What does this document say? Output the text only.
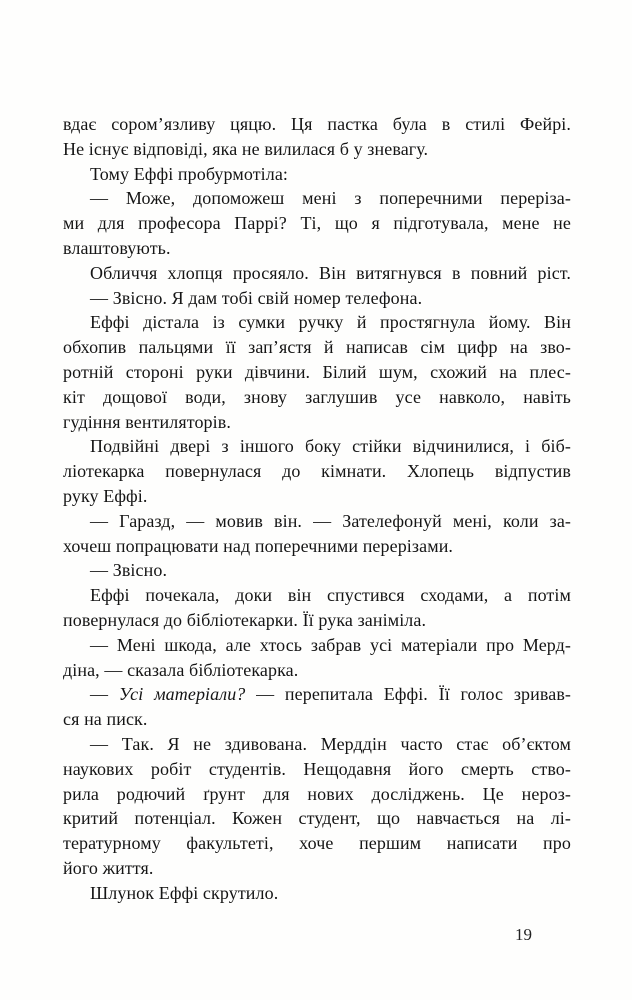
вдає сором’язливу цяцю. Ця пастка була в стилі Фейрі.
Не існує відповіді, яка не вилилася б у зневагу.
Тому Еффі пробурмотіла:
— Може, допоможеш мені з поперечними переріза-
ми для професора Паррі? Ті, що я підготувала, мене не
влаштовують.
Обличчя хлопця просяяло. Він витягнувся в повний ріст.
— Звісно. Я дам тобі свій номер телефона.
Еффі дістала із сумки ручку й простягнула йому. Він
обхопив пальцями її зап’ястя й написав сім цифр на зво-
ротній стороні руки дівчини. Білий шум, схожий на плес-
кіт дощової води, знову заглушив усе навколо, навіть
гудіння вентиляторів.
Подвійні двері з іншого боку стійки відчинилися, і біб-
ліотекарка повернулася до кімнати. Хлопець відпустив
руку Еффі.
— Гаразд, — мовив він. — Зателефонуй мені, коли за-
хочеш попрацювати над поперечними перерізами.
— Звісно.
Еффі почекала, доки він спустився сходами, а потім
повернулася до бібліотекарки. Її рука заніміла.
— Мені шкода, але хтось забрав усі матеріали про Мерд-
діна, — сказала бібліотекарка.
— Усі матеріали? — перепитала Еффі. Її голос зривав-
ся на писк.
— Так. Я не здивована. Мерддін часто стає об’єктом
наукових робіт студентів. Нещодавня його смерть ство-
рила родючий ґрунт для нових досліджень. Це нероз-
критий потенціал. Кожен студент, що навчається на лі-
тературному факультеті, хоче першим написати про
його життя.
Шлунок Еффі скрутило.
19
